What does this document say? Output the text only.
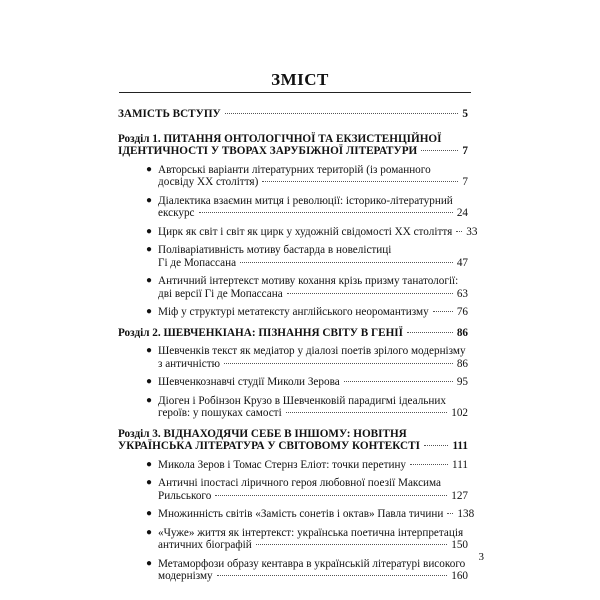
ЗМІСТ
ЗАМІСТЬ ВСТУПУ	5
Розділ 1. ПИТАННЯ ОНТОЛОГІЧНОЇ ТА ЕКЗИСТЕНЦІЙНОЇ
ІДЕНТИЧНОСТІ У ТВОРАХ ЗАРУБІЖНОЇ ЛІТЕРАТУРИ	7
● Авторські варіанти літературних територій (із романного
досвіду ХХ століття)	7
● Діалектика взаємин митця і революції: історико-літературний
екскурс	24
● Цирк як світ і світ як цирк у художній свідомості ХХ століття 33
● Поліваріативність мотиву бастарда в новелістиці
Гі де Мопассана	47
● Античний інтертекст мотиву кохання крізь призму танатології:
дві версії Гі де Мопассана	63
● Міф у структурі метатексту англійського неоромантизму	76
Розділ 2. ШЕВЧЕНКІАНА: ПІЗНАННЯ СВІТУ В ГЕНІЇ	86
● Шевченків текст як медіатор у діалозі поетів зрілого модернізму
з античністю	86
● Шевченкознавчі студії Миколи Зерова	95
● Діоген і Робінзон Крузо в Шевченковій парадигмі ідеальних
героїв: у пошуках самості	102
Розділ 3. ВІДНАХОДЯЧИ СЕБЕ В ІНШОМУ: НОВІТНЯ
УКРАЇНСЬКА ЛІТЕРАТУРА У СВІТОВОМУ КОНТЕКСТІ	111
● Микола Зеров і Томас Стернз Еліот: точки перетину	111
● Античні іпостасі ліричного героя любовної поезії Максима
Рильського	127
● Множинність світів «Замість сонетів і октав» Павла тичини 138
● «Чуже» життя як інтертекст: українська поетична інтерпретація
античних біографій	150
● Метаморфози образу кентавра в українській літературі високого
модернізму	160
3
